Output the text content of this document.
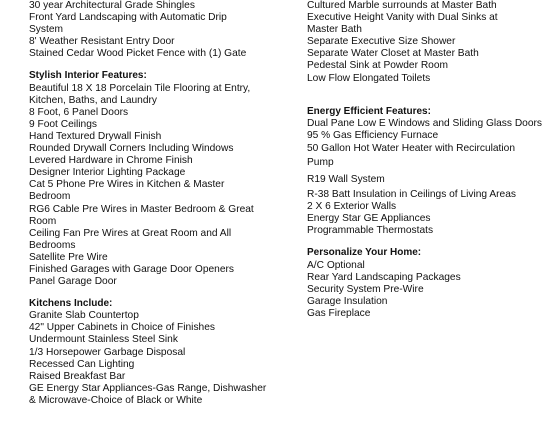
30 year Architectural Grade Shingles
Front Yard Landscaping with Automatic Drip System
8' Weather Resistant Entry Door
Stained Cedar Wood Picket Fence with (1) Gate
Stylish Interior Features:
Beautiful 18 X 18 Porcelain Tile Flooring at Entry, Kitchen, Baths, and Laundry
8 Foot, 6 Panel Doors
9 Foot Ceilings
Hand Textured Drywall Finish
Rounded Drywall Corners Including Windows
Levered Hardware in Chrome Finish
Designer Interior Lighting Package
Cat 5 Phone Pre Wires in Kitchen & Master Bedroom
RG6 Cable Pre Wires in Master Bedroom & Great Room
Ceiling Fan Pre Wires at Great Room and All Bedrooms
Satellite Pre Wire
Finished Garages with Garage Door Openers
Panel Garage Door
Kitchens Include:
Granite Slab Countertop
42" Upper Cabinets in Choice of Finishes
Undermount Stainless Steel Sink
1/3 Horsepower Garbage Disposal
Recessed Can Lighting
Raised Breakfast Bar
GE Energy Star Appliances-Gas Range, Dishwasher & Microwave-Choice of Black or White
Cultured Marble surrounds at Master Bath
Executive Height Vanity with Dual Sinks at Master Bath
Separate Executive Size Shower
Separate Water Closet at Master Bath
Pedestal Sink at Powder Room
Low Flow Elongated Toilets
Energy Efficient Features:
Dual Pane Low E Windows and Sliding Glass Doors
95 % Gas Efficiency Furnace
50 Gallon Hot Water Heater with Recirculation Pump
R19 Wall System
R-38 Batt Insulation in Ceilings of Living Areas
2 X 6 Exterior Walls
Energy Star GE Appliances
Programmable Thermostats
Personalize Your Home:
A/C Optional
Rear Yard Landscaping Packages
Security System Pre-Wire
Garage Insulation
Gas Fireplace
